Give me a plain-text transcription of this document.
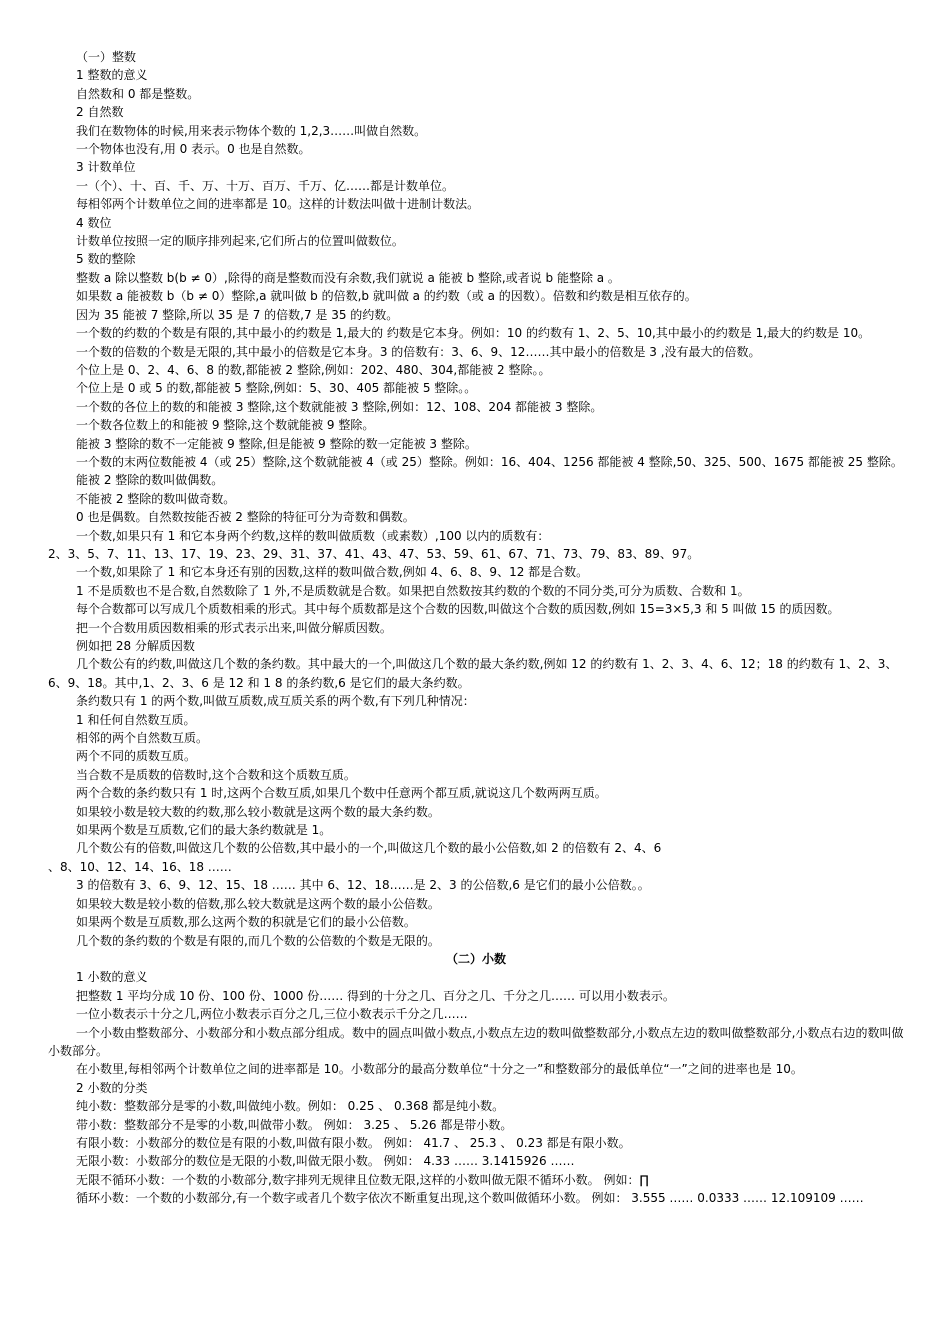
（一）整数

1 整数的意义

自然数和 0 都是整数。

2 自然数

我们在数物体的时候,用来表示物体个数的 1,2,3……叫做自然数。

一个物体也没有,用 0 表示。0 也是自然数。

3 计数单位

一（个）、十、百、千、万、十万、百万、千万、亿……都是计数单位。

每相邻两个计数单位之间的进率都是 10。这样的计数法叫做十进制计数法。

4 数位

计数单位按照一定的顺序排列起来,它们所占的位置叫做数位。

5 数的整除

整数 a 除以整数 b(b ≠ 0）,除得的商是整数而没有余数,我们就说 a 能被 b 整除,或者说 b 能整除 a 。

如果数 a 能被数 b（b ≠ 0）整除,a 就叫做 b 的倍数,b 就叫做 a 的约数（或 a 的因数）。倍数和约数是相互依存的。

因为 35 能被 7 整除,所以 35 是 7 的倍数,7 是 35 的约数。

一个数的约数的个数是有限的,其中最小的约数是 1,最大的 约数是它本身。例如：10 的约数有 1、2、5、10,其中最小的约数是 1,最大的约数是 10。

一个数的倍数的个数是无限的,其中最小的倍数是它本身。3 的倍数有：3、6、9、12……其中最小的倍数是 3 ,没有最大的倍数。

个位上是 0、2、4、6、8 的数,都能被 2 整除,例如：202、480、304,都能被 2 整除。。

个位上是 0 或 5 的数,都能被 5 整除,例如：5、30、405 都能被 5 整除。。

一个数的各位上的数的和能被 3 整除,这个数就能被 3 整除,例如：12、108、204 都能被 3 整除。

一个数各位数上的和能被 9 整除,这个数就能被 9 整除。

能被 3 整除的数不一定能被 9 整除,但是能被 9 整除的数一定能被 3 整除。

一个数的末两位数能被 4（或 25）整除,这个数就能被 4（或 25）整除。例如：16、404、1256 都能被 4 整除,50、325、500、1675 都能被 25 整除。

能被 2 整除的数叫做偶数。

不能被 2 整除的数叫做奇数。

0 也是偶数。自然数按能否被 2 整除的特征可分为奇数和偶数。

一个数,如果只有 1 和它本身两个约数,这样的数叫做质数（或素数）,100 以内的质数有：

2、3、5、7、11、13、17、19、23、29、31、37、41、43、47、53、59、61、67、71、73、79、83、89、97。

一个数,如果除了 1 和它本身还有别的因数,这样的数叫做合数,例如 4、6、8、9、12 都是合数。

1 不是质数也不是合数,自然数除了 1 外,不是质数就是合数。如果把自然数按其约数的个数的不同分类,可分为质数、合数和 1。

每个合数都可以写成几个质数相乘的形式。其中每个质数都是这个合数的因数,叫做这个合数的质因数,例如 15=3×5,3 和 5 叫做 15 的质因数。

把一个合数用质因数相乘的形式表示出来,叫做分解质因数。

例如把 28 分解质因数

几个数公有的约数,叫做这几个数的条约数。其中最大的一个,叫做这几个数的最大条约数,例如 12 的约数有 1、2、3、4、6、12；18 的约数有 1、2、3、6、9、18。其中,1、2、3、6 是 12 和 1 8 的条约数,6 是它们的最大条约数。

条约数只有 1 的两个数,叫做互质数,成互质关系的两个数,有下列几种情况：

1 和任何自然数互质。

相邻的两个自然数互质。

两个不同的质数互质。

当合数不是质数的倍数时,这个合数和这个质数互质。

两个合数的条约数只有 1 时,这两个合数互质,如果几个数中任意两个都互质,就说这几个数两两互质。

如果较小数是较大数的约数,那么较小数就是这两个数的最大条约数。

如果两个数是互质数,它们的最大条约数就是 1。

几个数公有的倍数,叫做这几个数的公倍数,其中最小的一个,叫做这几个数的最小公倍数,如 2 的倍数有 2、4、6

、8、10、12、14、16、18 ……

3 的倍数有 3、6、9、12、15、18 …… 其中 6、12、18……是 2、3 的公倍数,6 是它们的最小公倍数。。

如果较大数是较小数的倍数,那么较大数就是这两个数的最小公倍数。

如果两个数是互质数,那么这两个数的积就是它们的最小公倍数。

几个数的条约数的个数是有限的,而几个数的公倍数的个数是无限的。

（二）小数

1 小数的意义

把整数 1 平均分成 10 份、100 份、1000 份…… 得到的十分之几、百分之几、千分之几…… 可以用小数表示。

一位小数表示十分之几,两位小数表示百分之几,三位小数表示千分之几……

一个小数由整数部分、小数部分和小数点部分组成。数中的圆点叫做小数点,小数点左边的数叫做整数部分,小数点左边的数叫做整数部分,小数点右边的数叫做小数部分。

在小数里,每相邻两个计数单位之间的进率都是 10。小数部分的最高分数单位“十分之一”和整数部分的最低单位“一”之间的进率也是 10。

2 小数的分类

纯小数：整数部分是零的小数,叫做纯小数。例如： 0.25 、 0.368 都是纯小数。

带小数：整数部分不是零的小数,叫做带小数。 例如： 3.25 、 5.26 都是带小数。

有限小数：小数部分的数位是有限的小数,叫做有限小数。 例如： 41.7 、 25.3 、 0.23 都是有限小数。

无限小数：小数部分的数位是无限的小数,叫做无限小数。 例如： 4.33 …… 3.1415926 ……

无限不循环小数：一个数的小数部分,数字排列无规律且位数无限,这样的小数叫做无限不循环小数。 例如：∏

循环小数：一个数的小数部分,有一个数字或者几个数字依次不断重复出现,这个数叫做循环小数。 例如： 3.555 …… 0.0333 …… 12.109109 ……
